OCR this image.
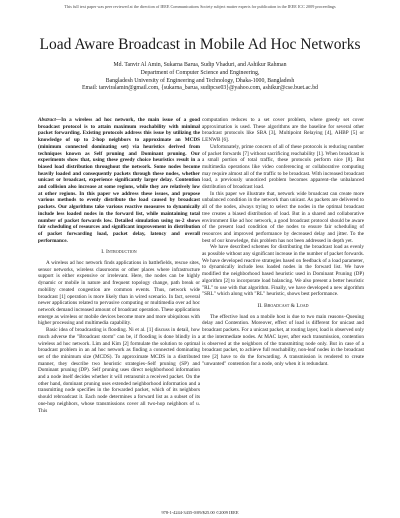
This full text paper was peer reviewed at the direction of IEEE Communications Society subject matter experts for publication in the IEEE ICC 2009 proceedings
Load Aware Broadcast in Mobile Ad Hoc Networks
Md. Tanvir Al Amin, Sukarna Barua, Sudip Vhaduri, and Ashikur Rahman
Department of Computer Science and Engineering,
Bangladesh University of Engineering and Technology, Dhaka-1000, Bangladesh
Email: tanviralamin@gmail.com, {sukarna_barua, sudipcse03}@yahoo.com, ashikur@cse.buet.ac.bd
Abstract—In a wireless ad hoc network, the main issue of a good broadcast protocol is to attain maximum reachability with minimal packet forwarding. Existing protocols address this issue by utilizing the knowledge of up to 2-hop neighbors to approximate an MCDS (minimum connected dominating set) via heuristics derived from techniques known as Self pruning and Dominant pruning. Our experiments show that, using these greedy choice heuristics result in a biased load distribution throughout the network. Some nodes become heavily loaded and consequently packets through these nodes, whether unicast or broadcast, experience significantly larger delay. Contention and collision also increase at some regions, while they are relatively low at other regions. In this paper we address these issues, and propose various methods to evenly distribute the load caused by broadcast packets. Our algorithms take various reactive measures to dynamically include less loaded nodes in the forward list, while maintaining total number of packet forwards low. Detailed simulation using ns-2 shows fair scheduling of resources and significant improvement in distribution of packet forwarding load, packet delay, latency and overall performance.
I. Introduction

A wireless ad hoc network finds applications in battlefields, rescue sites, sensor networks, wireless classrooms or other places where infrastructure support is either expensive or irrelevant. Here, the nodes can be highly dynamic or mobile in nature and frequent topology change, path break or mobility created congestion are common events. Thus, network wide broadcast [1] operation is more likely than in wired scenario. In fact, several newer applications related to pervasive computing or multimedia over ad hoc network demand increased amount of broadcast operation. These applications emerge as wireless or mobile devices become more and more ubiquitous with higher processing and multimedia capability.

Basic idea of broadcasting is flooding. Ni et al. [1] discuss in detail, how much adverse the "Broadcast storm" can be, if flooding is done blindly in a wireless ad hoc network. Lim and Kim [2] formulate the solution to optimal broadcast problem in an ad hoc network as finding a connected dominating set of the minimum size (MCDS). To approximate MCDS in a distributed manner, they describe two heuristic strategies–Self pruning (SP) and Dominant pruning (DP). Self pruning uses direct neighborhood information and a node itself decides whether it will retransmit a received packet. On the other hand, dominant pruning uses extended neighborhood information and a transmitting node specifies in the forwarded packet, which of its neighbors should rebroadcast it. Each node determines a forward list as a subset of its one-hop neighbors, whose transmissions cover all two-hop neighbors of u. This

computation reduces to a set cover problem, where greedy set cover approximation is used. These algorithms are the baseline for several other broadcast protocols like SBA [3], Multipoint Relaying [4], AHBP [5] or LENWB [6].

Unfortunately, prime concern of all of these protocols is reducing number of packet forwards [7] without sacrificing reachability [1]. When broadcast is a small portion of total traffic, these protocols perform nice [8]. But multimedia operations like video conferencing or collaborative computing may require almost all of the traffic to be broadcast. With increased broadcast load, a previously unnoticed problem becomes apparent–the unbalanced distribution of broadcast load.

In this paper we illustrate that, network wide broadcast can create more unbalanced condition in the network than unicast. As packets are delivered to all of the nodes, always trying to select the nodes in the optimal broadcast tree creates a biased distribution of load. But in a shared and collaborative environment like ad hoc network, a good broadcast protocol should be aware of the present load condition of the nodes to ensure fair scheduling of resources and improved performance by decreased delay and jitter. To the best of our knowledge, this problem has not been addressed in depth yet.

We have described schemes for distributing the broadcast load as evenly as possible without any significant increase in the number of packet forwards. We have developed reactive strategies based on feedback of a load parameter, to dynamically include less loaded nodes in the forward list. We have modified the neighborhood based heuristic used in Dominant Pruning (DP) algorithm [2] to incorporate load balancing. We also present a better heuristic "RL" to use with that algorithm. Finally, we have developed a new algorithm "SRL" which along with "RL" heuristic, shows best performance.

II. Broadcast & Load

The effective load on a mobile host is due to two main reasons–Queuing delay and Contention. Moreover, effect of load is different for unicast and broadcast packets. For a unicast packet, at routing layer, load is observed only at the intermediate nodes. At MAC layer, after each transmission, contention is observed at the neighbors of the transmitting node only. But in case of a broadcast packet, to achieve full reachability, non-leaf nodes in the broadcast tree [2] have to do the forwarding. A transmission is rendered to create "unwanted" contention for a node, only when it is redundant.

978-1-4244-3435-0/09/$25.00 ©2009 IEEE
